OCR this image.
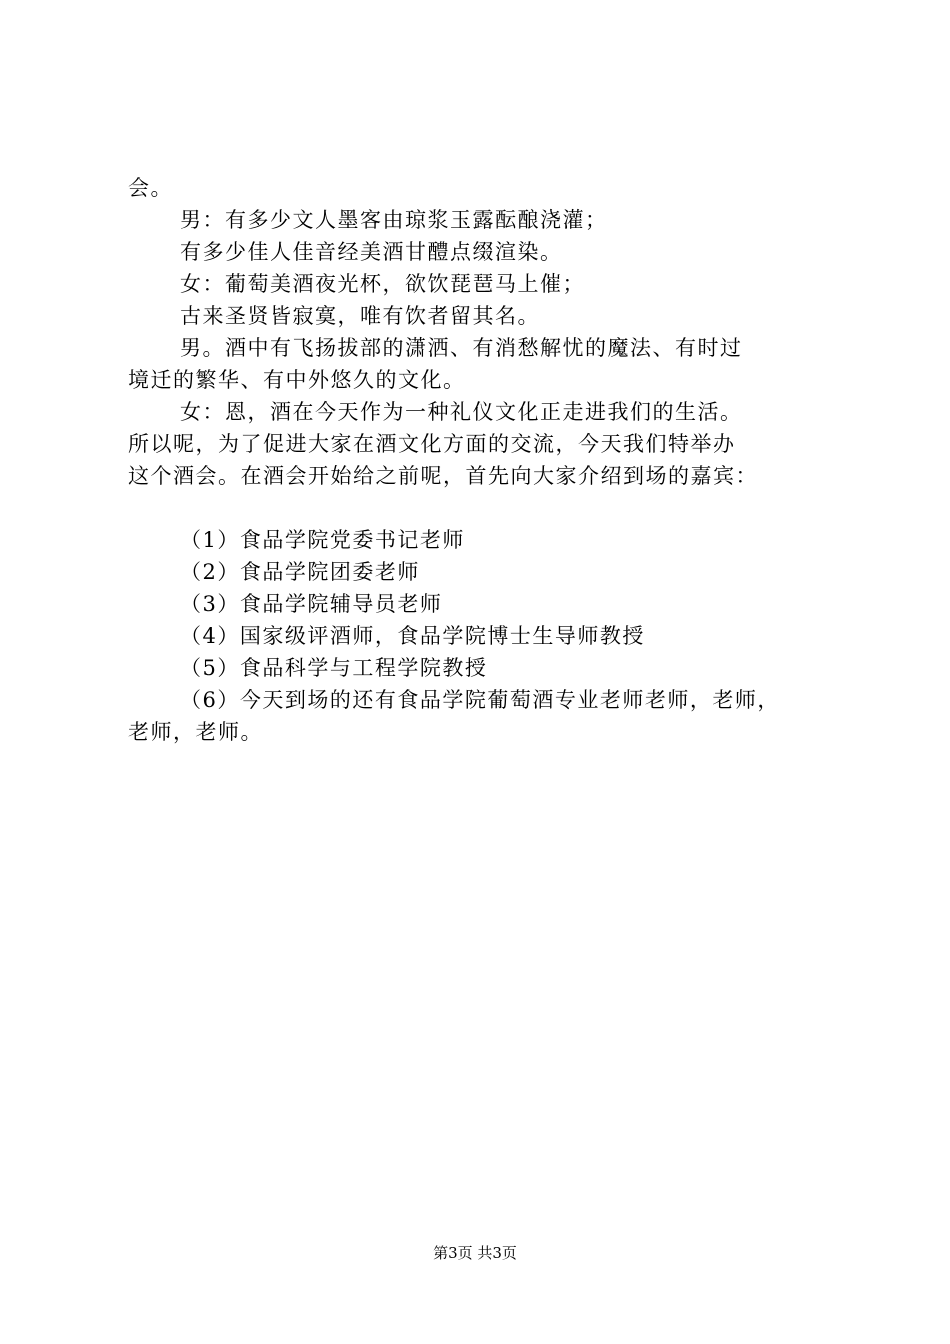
会。
男：有多少文人墨客由琼浆玉露酝酿浇灌；
有多少佳人佳音经美酒甘醴点缀渲染。
女：葡萄美酒夜光杯，欲饮琵琶马上催；
古来圣贤皆寂寞，唯有饮者留其名。
男。酒中有飞扬拔部的潇洒、有消愁解忧的魔法、有时过
境迁的繁华、有中外悠久的文化。
女：恩，酒在今天作为一种礼仪文化正走进我们的生活。
所以呢，为了促进大家在酒文化方面的交流，今天我们特举办
这个酒会。在酒会开始给之前呢，首先向大家介绍到场的嘉宾：
（1）食品学院党委书记老师
（2）食品学院团委老师
（3）食品学院辅导员老师
（4）国家级评酒师，食品学院博士生导师教授
（5）食品科学与工程学院教授
（6）今天到场的还有食品学院葡萄酒专业老师老师，老师，
老师，老师。
第3页 共3页
